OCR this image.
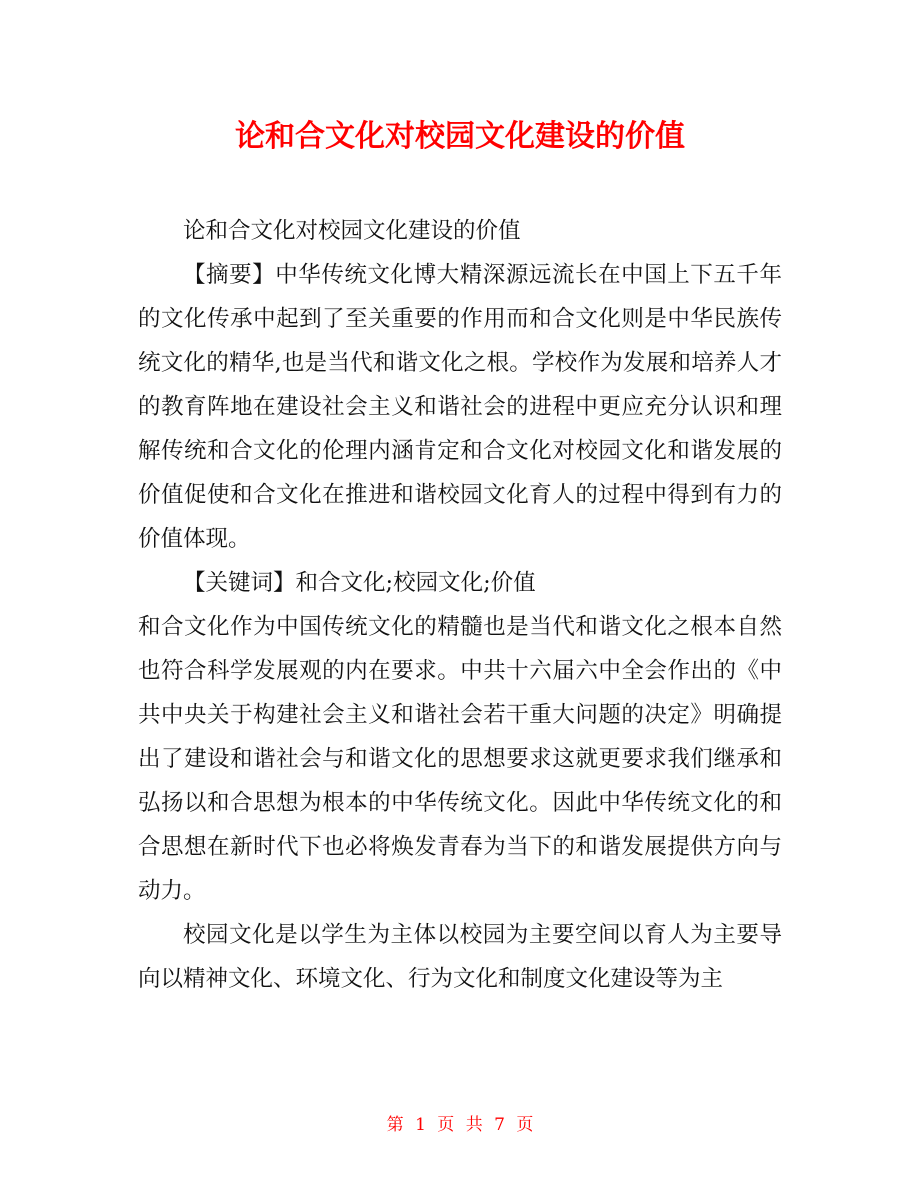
论和合文化对校园文化建设的价值

论和合文化对校园文化建设的价值

【摘要】中华传统文化博大精深源远流长在中国上下五千年的文化传承中起到了至关重要的作用而和合文化则是中华民族传统文化的精华,也是当代和谐文化之根。学校作为发展和培养人才的教育阵地在建设社会主义和谐社会的进程中更应充分认识和理解传统和合文化的伦理内涵肯定和合文化对校园文化和谐发展的价值促使和合文化在推进和谐校园文化育人的过程中得到有力的价值体现。

【关键词】和合文化;校园文化;价值

和合文化作为中国传统文化的精髓也是当代和谐文化之根本自然也符合科学发展观的内在要求。中共十六届六中全会作出的《中共中央关于构建社会主义和谐社会若干重大问题的决定》明确提出了建设和谐社会与和谐文化的思想要求这就更要求我们继承和弘扬以和合思想为根本的中华传统文化。因此中华传统文化的和合思想在新时代下也必将焕发青春为当下的和谐发展提供方向与动力。

校园文化是以学生为主体以校园为主要空间以育人为主要导向以精神文化、环境文化、行为文化和制度文化建设等为主

第 1 页 共 7 页
